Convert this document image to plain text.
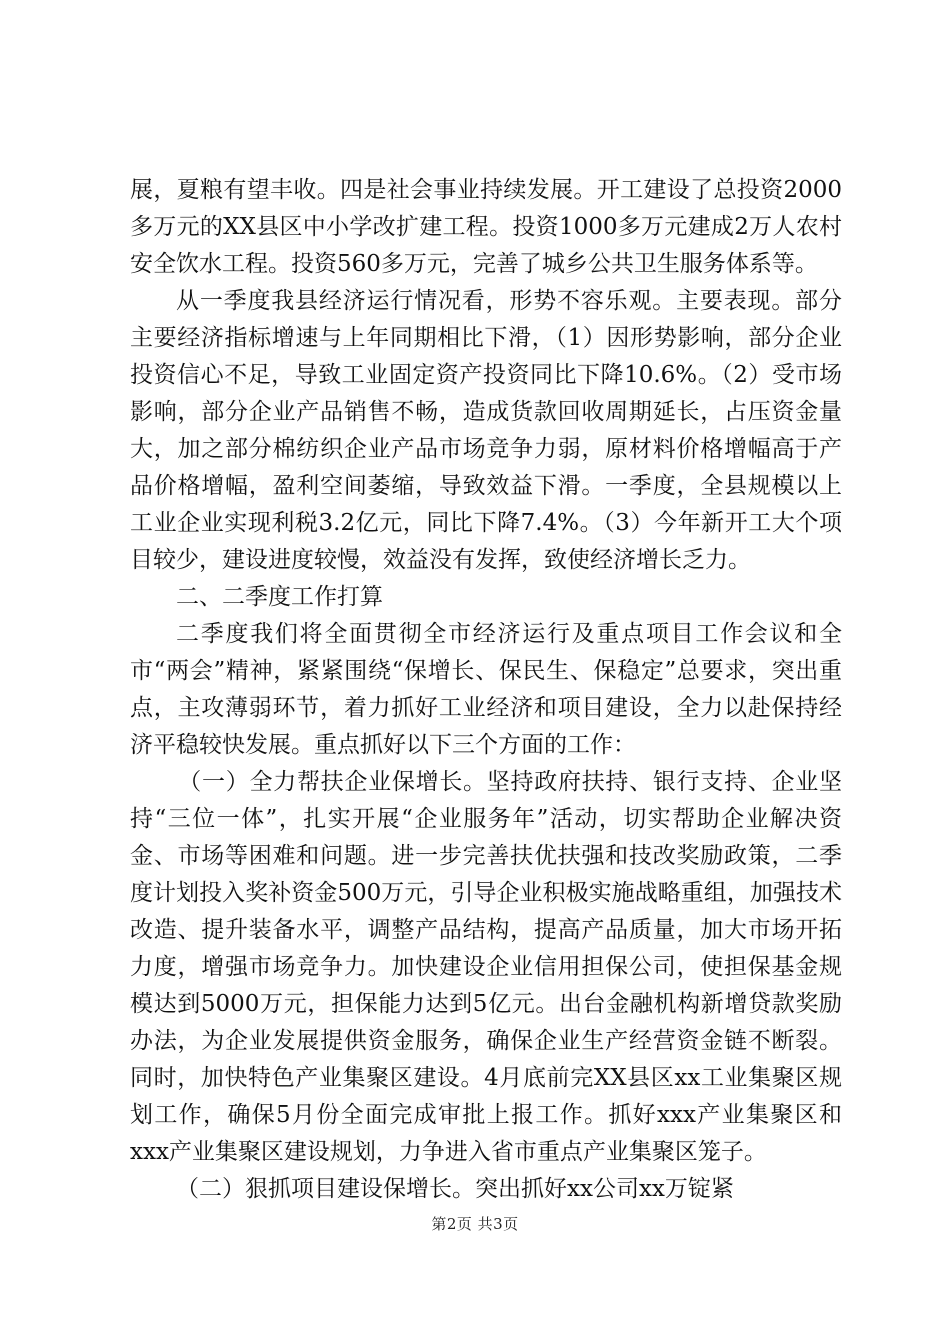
展，夏粮有望丰收。四是社会事业持续发展。开工建设了总投资2000多万元的XX县区中小学改扩建工程。投资1000多万元建成2万人农村安全饮水工程。投资560多万元，完善了城乡公共卫生服务体系等。

从一季度我县经济运行情况看，形势不容乐观。主要表现。部分主要经济指标增速与上年同期相比下滑，（1）因形势影响，部分企业投资信心不足，导致工业固定资产投资同比下降10.6%。（2）受市场影响，部分企业产品销售不畅，造成货款回收周期延长，占压资金量大，加之部分棉纺织企业产品市场竞争力弱，原材料价格增幅高于产品价格增幅，盈利空间萎缩，导致效益下滑。一季度，全县规模以上工业企业实现利税3.2亿元，同比下降7.4%。（3）今年新开工大个项目较少，建设进度较慢，效益没有发挥，致使经济增长乏力。

二、二季度工作打算

二季度我们将全面贯彻全市经济运行及重点项目工作会议和全市“两会”精神，紧紧围绕“保增长、保民生、保稳定”总要求，突出重点，主攻薄弱环节，着力抓好工业经济和项目建设，全力以赴保持经济平稳较快发展。重点抓好以下三个方面的工作：

（一）全力帮扶企业保增长。坚持政府扶持、银行支持、企业坚持“三位一体”，扎实开展“企业服务年”活动，切实帮助企业解决资金、市场等困难和问题。进一步完善扶优扶强和技改奖励政策，二季度计划投入奖补资金500万元，引导企业积极实施战略重组，加强技术改造、提升装备水平，调整产品结构，提高产品质量，加大市场开拓力度，增强市场竞争力。加快建设企业信用担保公司，使担保基金规模达到5000万元，担保能力达到5亿元。出台金融机构新增贷款奖励办法，为企业发展提供资金服务，确保企业生产经营资金链不断裂。同时，加快特色产业集聚区建设。4月底前完XX县区xx工业集聚区规划工作，确保5月份全面完成审批上报工作。抓好xxx产业集聚区和xxx产业集聚区建设规划，力争进入省市重点产业集聚区笼子。

（二）狠抓项目建设保增长。突出抓好xx公司xx万锭紧

第2页 共3页
